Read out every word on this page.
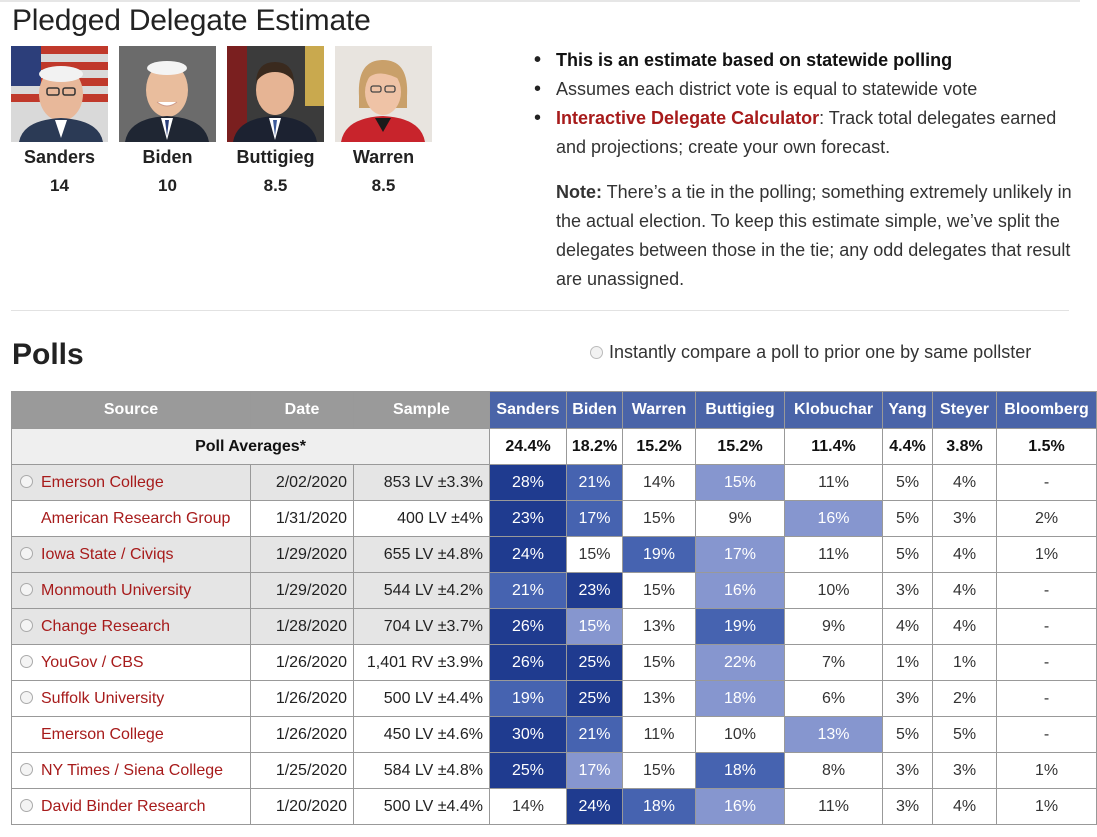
Pledged Delegate Estimate
Sanders
14
Biden
10
Buttigieg
8.5
Warren
8.5
• This is an estimate based on statewide polling
• Assumes each district vote is equal to statewide vote
• Interactive Delegate Calculator: Track total delegates earned and projections; create your own forecast.

Note: There’s a tie in the polling; something extremely unlikely in the actual election. To keep this estimate simple, we’ve split the delegates between those in the tie; any odd delegates that result are unassigned.

Polls	Instantly compare a poll to prior one by same pollster
Source	Date	Sample	Sanders	Biden	Warren	Buttigieg	Klobuchar	Yang	Steyer	Bloomberg
Poll Averages*			24.4%	18.2%	15.2%	15.2%	11.4%	4.4%	3.8%	1.5%
Emerson College	2/02/2020	853 LV ±3.3%	28%	21%	14%	15%	11%	5%	4%	-
American Research Group	1/31/2020	400 LV ±4%	23%	17%	15%	9%	16%	5%	3%	2%
Iowa State / Civiqs	1/29/2020	655 LV ±4.8%	24%	15%	19%	17%	11%	5%	4%	1%
Monmouth University	1/29/2020	544 LV ±4.2%	21%	23%	15%	16%	10%	3%	4%	-
Change Research	1/28/2020	704 LV ±3.7%	26%	15%	13%	19%	9%	4%	4%	-
YouGov / CBS	1/26/2020	1,401 RV ±3.9%	26%	25%	15%	22%	7%	1%	1%	-
Suffolk University	1/26/2020	500 LV ±4.4%	19%	25%	13%	18%	6%	3%	2%	-
Emerson College	1/26/2020	450 LV ±4.6%	30%	21%	11%	10%	13%	5%	5%	-
NY Times / Siena College	1/25/2020	584 LV ±4.8%	25%	17%	15%	18%	8%	3%	3%	1%
David Binder Research	1/20/2020	500 LV ±4.4%	14%	24%	18%	16%	11%	3%	4%	1%
